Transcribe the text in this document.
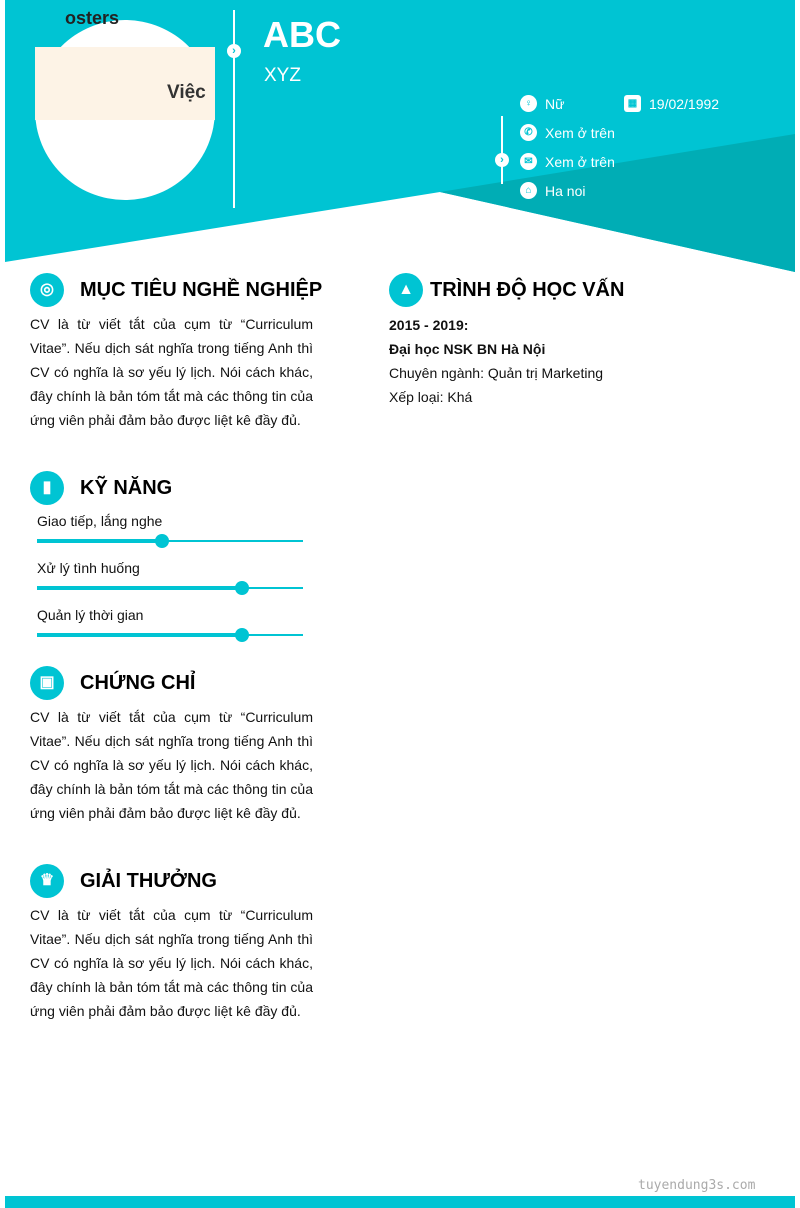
osters
Việc
› ABC
XYZ
›
♀ Nữ	▦ 19/02/1992
✆ Xem ở trên
✉ Xem ở trên
⌂ Ha noi
◎	MỤC TIÊU NGHỀ NGHIỆP
CV là từ viết tắt của cụm từ “Curriculum Vitae”. Nếu dịch sát nghĩa trong tiếng Anh thì CV có nghĩa là sơ yếu lý lịch. Nói cách khác, đây chính là bản tóm tắt mà các thông tin của ứng viên phải đảm bảo được liệt kê đầy đủ.
▮	KỸ NĂNG
Giao tiếp, lắng nghe
Xử lý tình huống
Quản lý thời gian
▣	CHỨNG CHỈ
CV là từ viết tắt của cụm từ “Curriculum Vitae”. Nếu dịch sát nghĩa trong tiếng Anh thì CV có nghĩa là sơ yếu lý lịch. Nói cách khác, đây chính là bản tóm tắt mà các thông tin của ứng viên phải đảm bảo được liệt kê đầy đủ.
♛	GIẢI THƯỞNG
CV là từ viết tắt của cụm từ “Curriculum Vitae”. Nếu dịch sát nghĩa trong tiếng Anh thì CV có nghĩa là sơ yếu lý lịch. Nói cách khác, đây chính là bản tóm tắt mà các thông tin của ứng viên phải đảm bảo được liệt kê đầy đủ.
▲ TRÌNH ĐỘ HỌC VẤN
2015 - 2019:
Đại học NSK BN Hà Nội
Chuyên ngành: Quản trị Marketing
Xếp loại: Khá
tuyendung3s.com
